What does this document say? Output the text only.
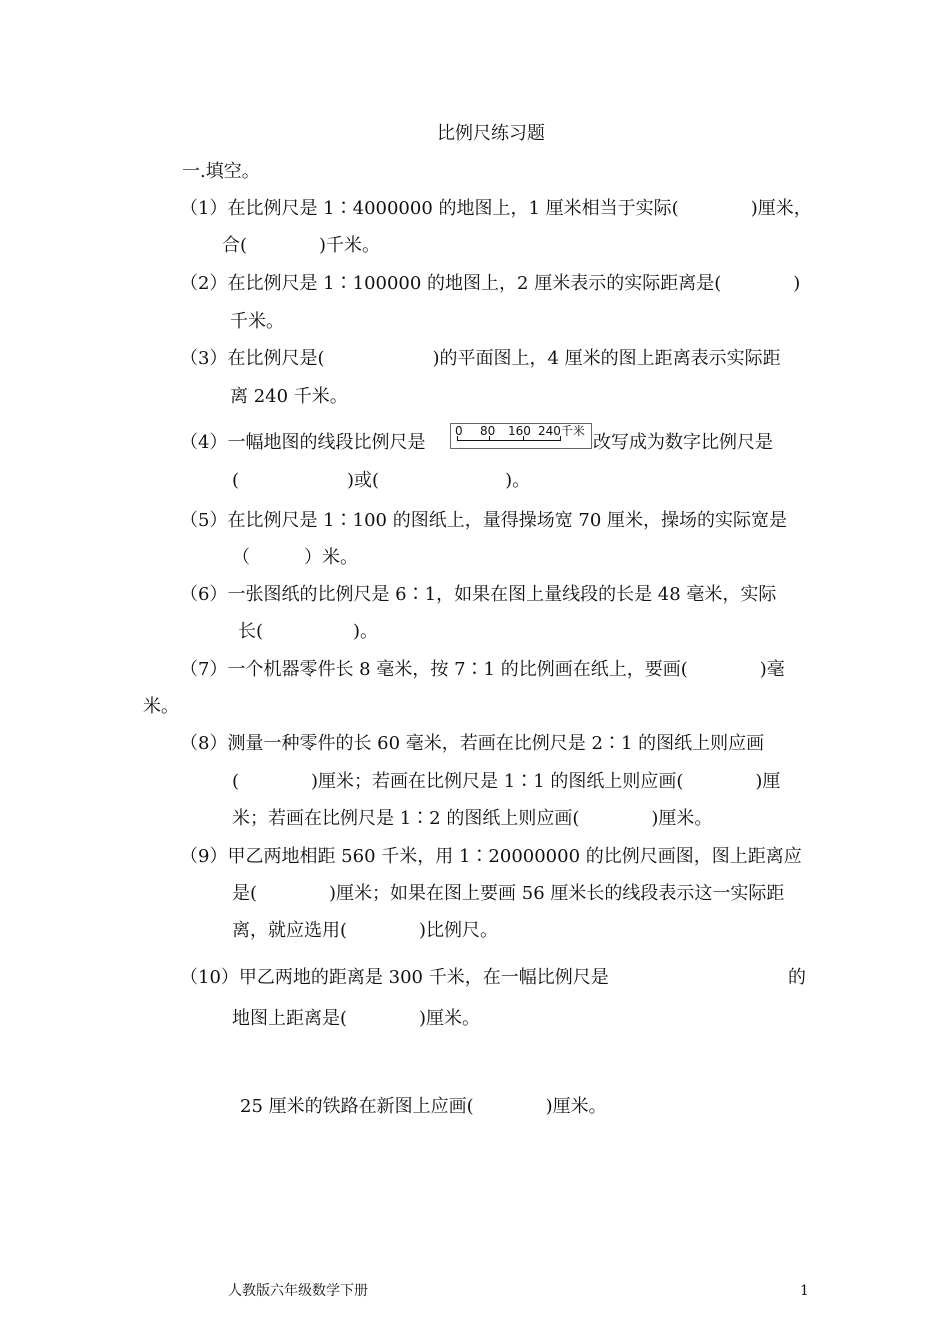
比例尺练习题
一.填空。
（1）在比例尺是 1∶4000000 的地图上，1 厘米相当于实际(　　　　)厘米，
合(　　　　)千米。
（2）在比例尺是 1∶100000 的地图上，2 厘米表示的实际距离是(　　　　)
千米。
（3）在比例尺是(　　　　　　)的平面图上，4 厘米的图上距离表示实际距
离 240 千米。
（4）一幅地图的线段比例尺是
0 80 160 240千米
改写成为数字比例尺是
(　　　　　　)或(　　　　　　　)。
（5）在比例尺是 1∶100 的图纸上，量得操场宽 70 厘米，操场的实际宽是
（　　　）米。
（6）一张图纸的比例尺是 6∶1，如果在图上量线段的长是 48 毫米，实际
长(　　　　　)。
（7）一个机器零件长 8 毫米，按 7∶1 的比例画在纸上，要画(　　　　)毫
米。
（8）测量一种零件的长 60 毫米，若画在比例尺是 2∶1 的图纸上则应画
(　　　　)厘米；若画在比例尺是 1∶1 的图纸上则应画(　　　　)厘
米；若画在比例尺是 1∶2 的图纸上则应画(　　　　)厘米。
（9）甲乙两地相距 560 千米，用 1∶20000000 的比例尺画图，图上距离应
是(　　　　)厘米；如果在图上要画 56 厘米长的线段表示这一实际距
离，就应选用(　　　　)比例尺。
（10）甲乙两地的距离是 300 千米，在一幅比例尺是	的
地图上距离是(　　　　)厘米。
25 厘米的铁路在新图上应画(　　　　)厘米。
人教版六年级数学下册	1
